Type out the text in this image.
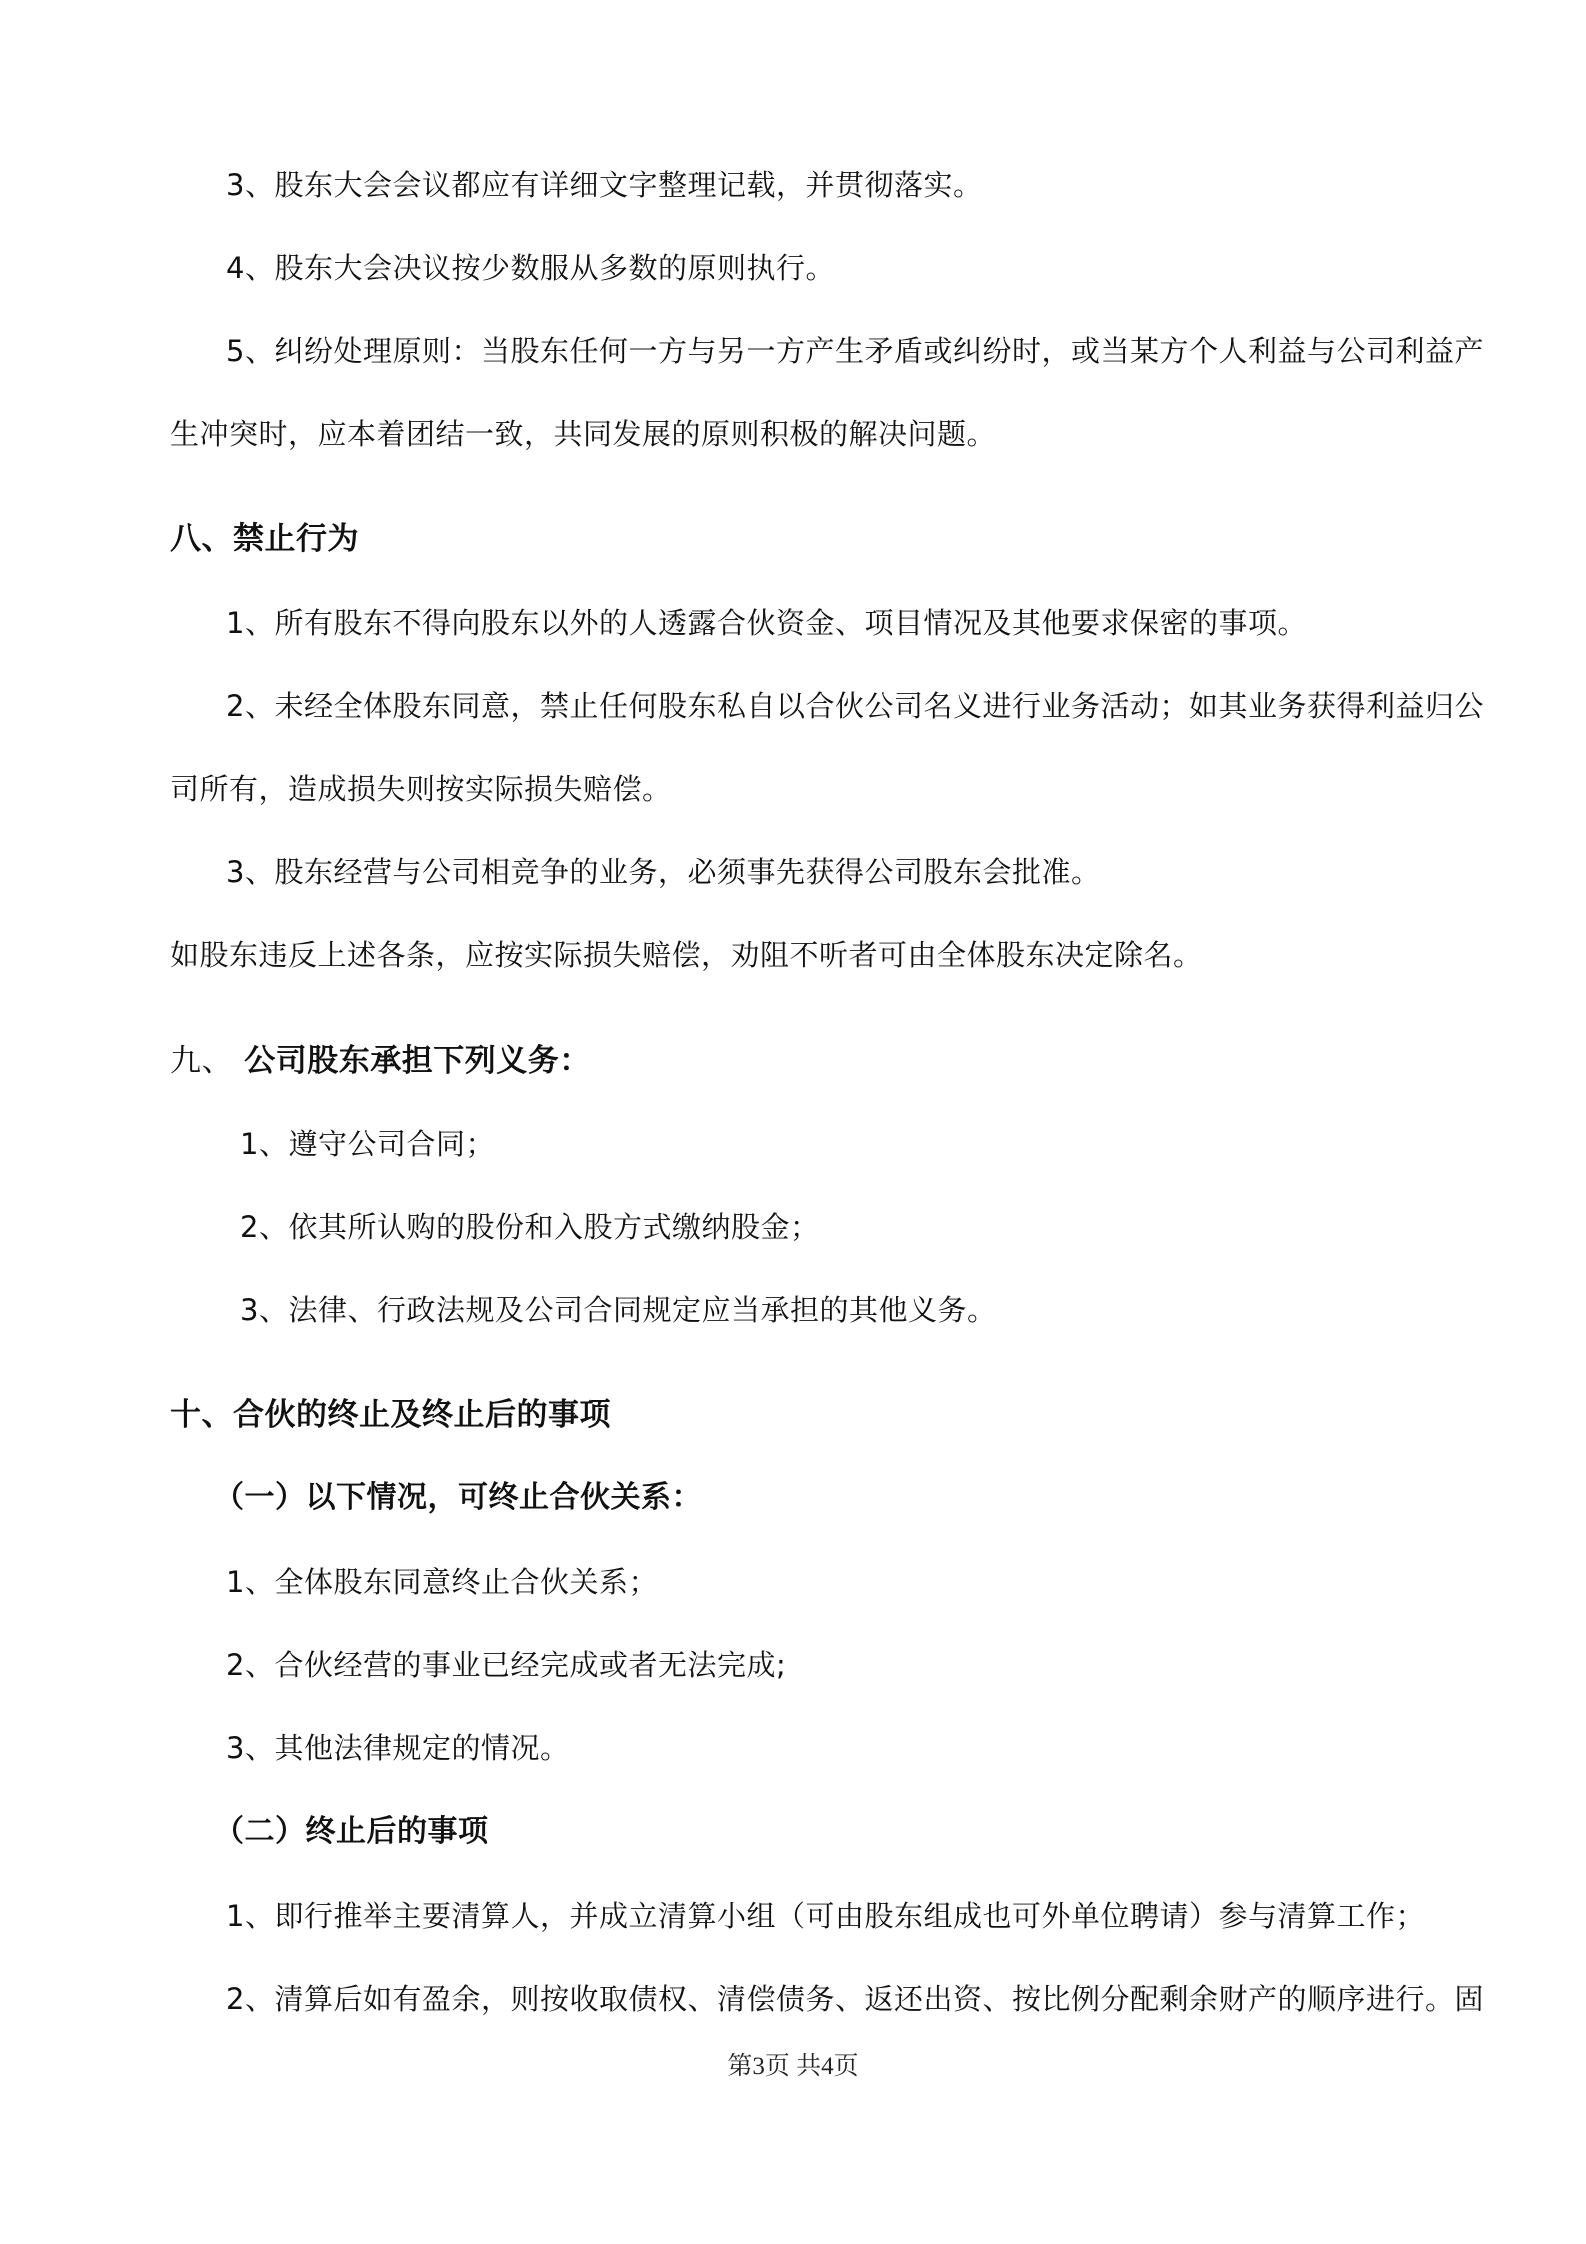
3、股东大会会议都应有详细文字整理记载，并贯彻落实。
4、股东大会决议按少数服从多数的原则执行。
5、纠纷处理原则：当股东任何一方与另一方产生矛盾或纠纷时，或当某方个人利益与公司利益产
生冲突时，应本着团结一致，共同发展的原则积极的解决问题。
八、禁止行为
1、所有股东不得向股东以外的人透露合伙资金、项目情况及其他要求保密的事项。
2、未经全体股东同意，禁止任何股东私自以合伙公司名义进行业务活动；如其业务获得利益归公
司所有，造成损失则按实际损失赔偿。
3、股东经营与公司相竞争的业务，必须事先获得公司股东会批准。
如股东违反上述各条，应按实际损失赔偿，劝阻不听者可由全体股东决定除名。
九、 公司股东承担下列义务：
1、遵守公司合同；
2、依其所认购的股份和入股方式缴纳股金；
3、法律、行政法规及公司合同规定应当承担的其他义务。
十、合伙的终止及终止后的事项
（一）以下情况，可终止合伙关系：
1、全体股东同意终止合伙关系；
2、合伙经营的事业已经完成或者无法完成;
3、其他法律规定的情况。
（二）终止后的事项
1、即行推举主要清算人，并成立清算小组（可由股东组成也可外单位聘请）参与清算工作；
2、清算后如有盈余，则按收取债权、清偿债务、返还出资、按比例分配剩余财产的顺序进行。固
第3页 共4页
